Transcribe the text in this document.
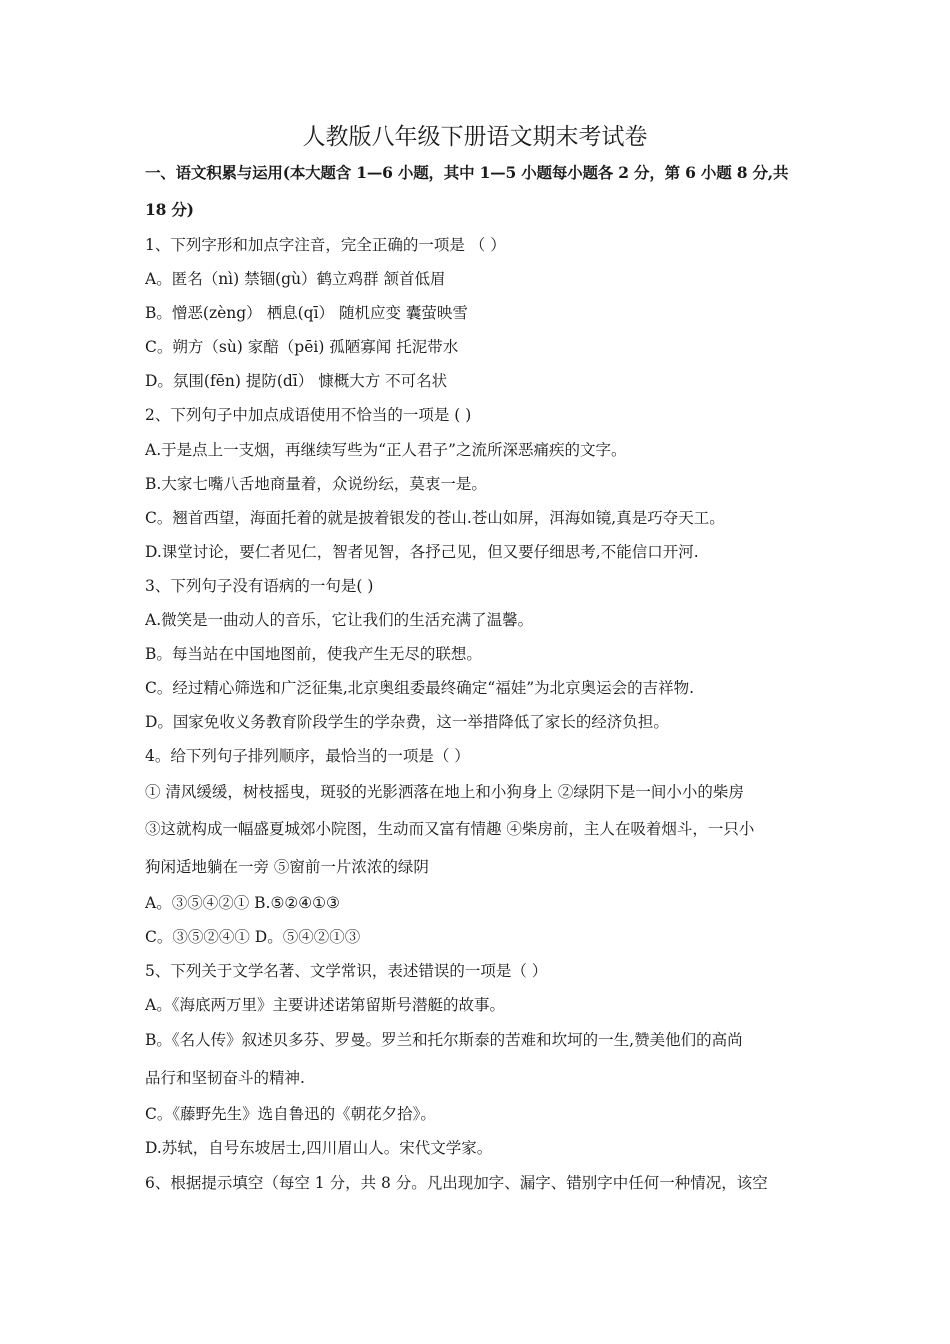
人教版八年级下册语文期末考试卷

一、语文积累与运用(本大题含 1—6 小题，其中 1—5 小题每小题各 2 分，第 6 小题 8 分,共

18 分)

1、下列字形和加点字注音，完全正确的一项是 （ ）

A。匿名（nì) 禁锢(gù）鹤立鸡群 颔首低眉

B。憎恶(zèng） 栖息(qī） 随机应变 囊萤映雪

C。朔方（sù) 家醅（pēi) 孤陋寡闻 托泥带水

D。氛围(fēn) 提防(dī） 慷概大方 不可名状

2、下列句子中加点成语使用不恰当的一项是 ( )

A.于是点上一支烟，再继续写些为“正人君子”之流所深恶痛疾的文字。

B.大家七嘴八舌地商量着，众说纷纭，莫衷一是。

C。翘首西望，海面托着的就是披着银发的苍山.苍山如屏，洱海如镜,真是巧夺天工。

D.课堂讨论，要仁者见仁，智者见智，各抒己见，但又要仔细思考,不能信口开河.

3、下列句子没有语病的一句是( )

A.微笑是一曲动人的音乐，它让我们的生活充满了温馨。

B。每当站在中国地图前，使我产生无尽的联想。

C。经过精心筛选和广泛征集,北京奥组委最终确定“福娃”为北京奥运会的吉祥物.

D。国家免收义务教育阶段学生的学杂费，这一举措降低了家长的经济负担。

4。给下列句子排列顺序，最恰当的一项是（ ）

① 清风缓缓，树枝摇曳，斑驳的光影洒落在地上和小狗身上 ②绿阴下是一间小小的柴房

③这就构成一幅盛夏城郊小院图，生动而又富有情趣 ④柴房前，主人在吸着烟斗，一只小

狗闲适地躺在一旁 ⑤窗前一片浓浓的绿阴

A。③⑤④②① B.⑤②④①③

C。③⑤②④① D。⑤④②①③

5、下列关于文学名著、文学常识，表述错误的一项是（ ）

A。《海底两万里》主要讲述诺第留斯号潜艇的故事。

B。《名人传》叙述贝多芬、罗曼。罗兰和托尔斯泰的苦难和坎坷的一生,赞美他们的高尚

品行和坚韧奋斗的精神.

C。《藤野先生》选自鲁迅的《朝花夕拾》。

D.苏轼，自号东坡居士,四川眉山人。宋代文学家。

6、根据提示填空（每空 1 分，共 8 分。凡出现加字、漏字、错别字中任何一种情况，该空
